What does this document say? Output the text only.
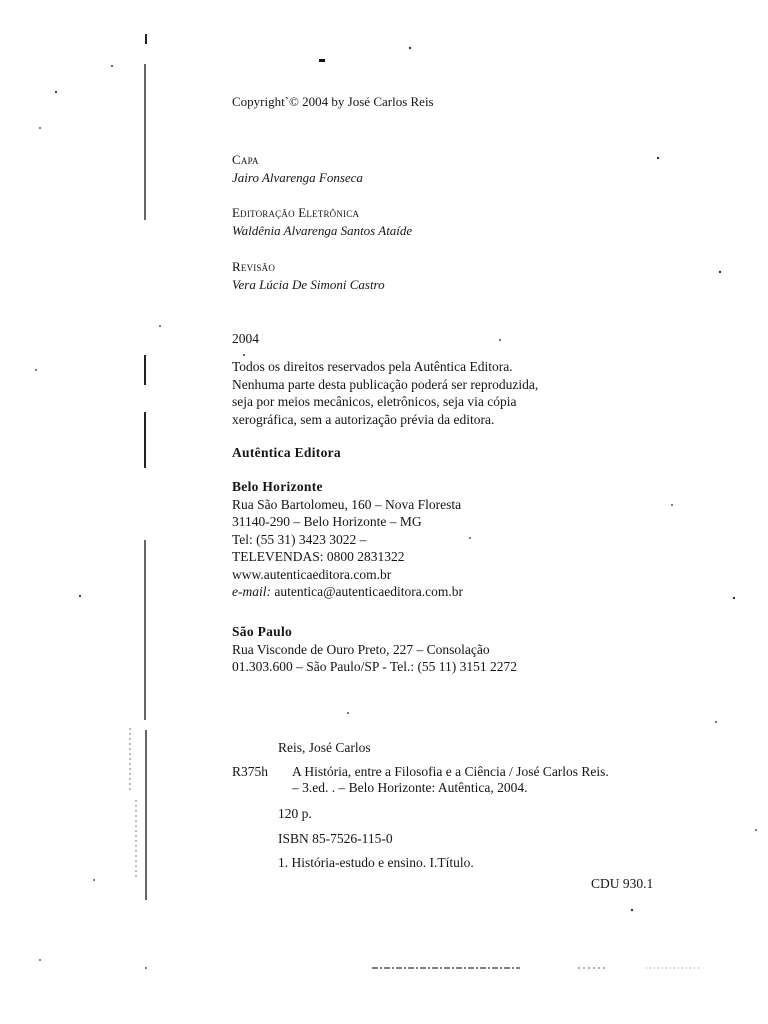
Copyright`© 2004 by José Carlos Reis
Capa
Jairo Alvarenga Fonseca
Editoração Eletrônica
Waldênia Alvarenga Santos Ataíde
Revisão
Vera Lúcia De Simoni Castro
2004
Todos os direitos reservados pela Autêntica Editora.
Nenhuma parte desta publicação poderá ser reproduzida,
seja por meios mecânicos, eletrônicos, seja via cópia
xerográfica, sem a autorização prévia da editora.
Autêntica Editora
Belo Horizonte
Rua São Bartolomeu, 160 – Nova Floresta
31140-290 – Belo Horizonte – MG
Tel: (55 31) 3423 3022 –
TELEVENDAS: 0800 2831322
www.autenticaeditora.com.br
e-mail: autentica@autenticaeditora.com.br
São Paulo
Rua Visconde de Ouro Preto, 227 – Consolação
01.303.600 – São Paulo/SP - Tel.: (55 11) 3151 2272
Reis, José Carlos
R375h A História, entre a Filosofia e a Ciência / José Carlos Reis.
– 3.ed. . – Belo Horizonte: Autêntica, 2004.
120 p.
ISBN 85-7526-115-0
1. História-estudo e ensino. I.Título.
CDU 930.1
